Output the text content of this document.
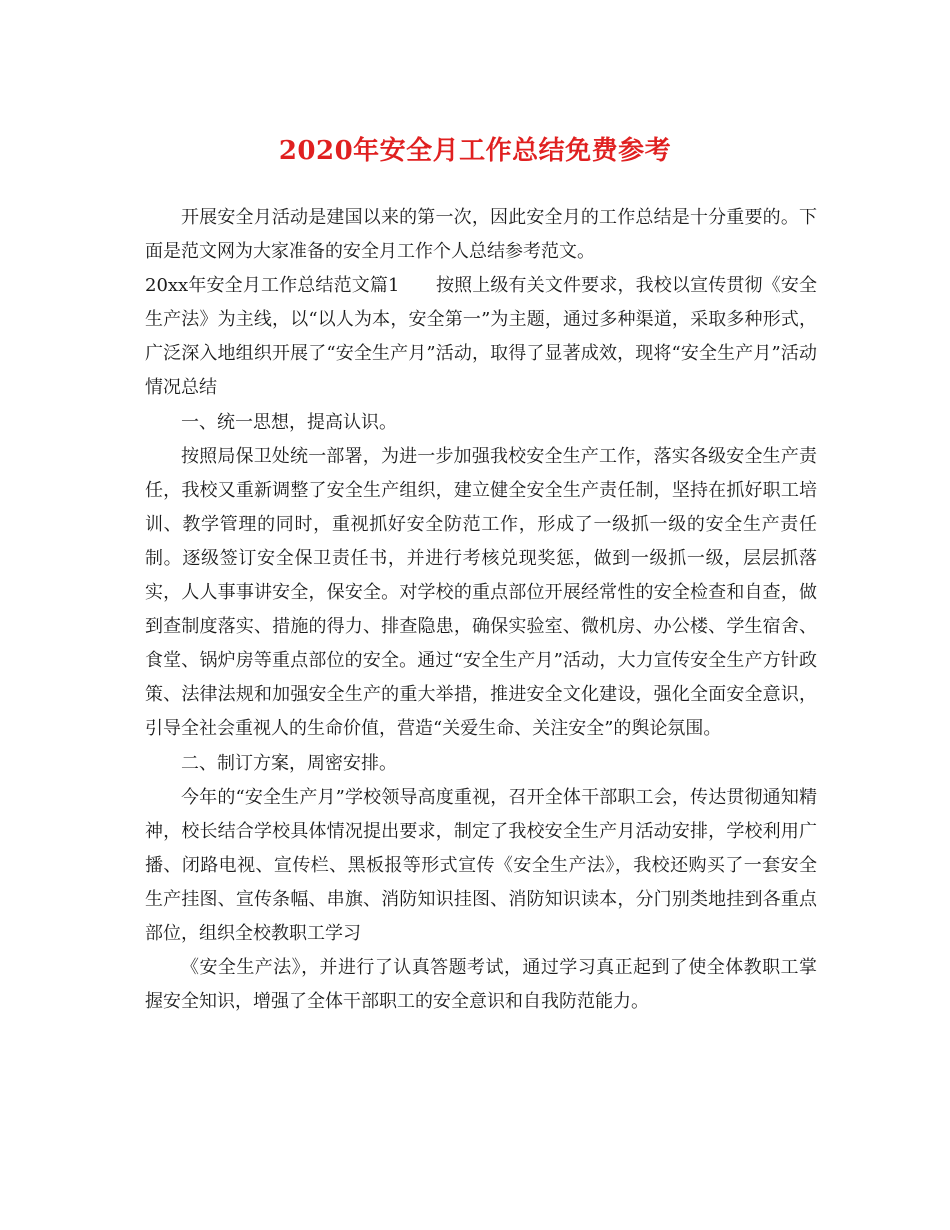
2020年安全月工作总结免费参考

开展安全月活动是建国以来的第一次，因此安全月的工作总结是十分重要的。下面是范文网为大家准备的安全月工作个人总结参考范文。

20xx年安全月工作总结范文篇1　　按照上级有关文件要求，我校以宣传贯彻《安全生产法》为主线，以“以人为本，安全第一”为主题，通过多种渠道，采取多种形式，广泛深入地组织开展了“安全生产月”活动，取得了显著成效，现将“安全生产月”活动情况总结

一、统一思想，提高认识。

按照局保卫处统一部署，为进一步加强我校安全生产工作，落实各级安全生产责任，我校又重新调整了安全生产组织，建立健全安全生产责任制，坚持在抓好职工培训、教学管理的同时，重视抓好安全防范工作，形成了一级抓一级的安全生产责任制。逐级签订安全保卫责任书，并进行考核兑现奖惩，做到一级抓一级，层层抓落实，人人事事讲安全，保安全。对学校的重点部位开展经常性的安全检查和自查，做到查制度落实、措施的得力、排查隐患，确保实验室、微机房、办公楼、学生宿舍、食堂、锅炉房等重点部位的安全。通过“安全生产月”活动，大力宣传安全生产方针政策、法律法规和加强安全生产的重大举措，推进安全文化建设，强化全面安全意识，引导全社会重视人的生命价值，营造“关爱生命、关注安全”的舆论氛围。

二、制订方案，周密安排。

今年的“安全生产月”学校领导高度重视，召开全体干部职工会，传达贯彻通知精神，校长结合学校具体情况提出要求，制定了我校安全生产月活动安排，学校利用广播、闭路电视、宣传栏、黑板报等形式宣传《安全生产法》，我校还购买了一套安全生产挂图、宣传条幅、串旗、消防知识挂图、消防知识读本，分门别类地挂到各重点部位，组织全校教职工学习

《安全生产法》，并进行了认真答题考试，通过学习真正起到了使全体教职工掌握安全知识，增强了全体干部职工的安全意识和自我防范能力。
